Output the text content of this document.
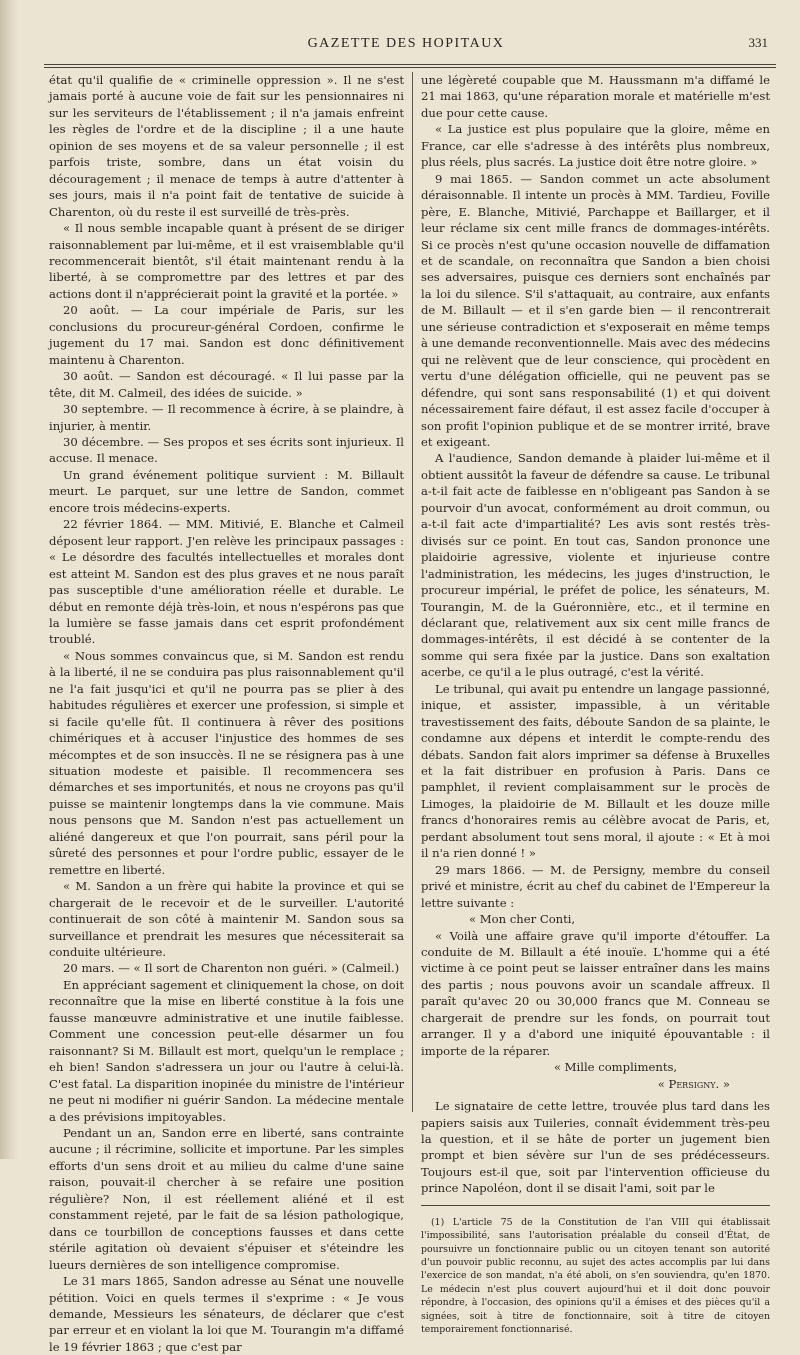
GAZETTE DES HOPITAUX	331

état qu'il qualifie de « criminelle oppression ». Il ne s'est jamais porté à aucune voie de fait sur les pensionnaires ni sur les serviteurs de l'établissement ; il n'a jamais enfreint les règles de l'ordre et de la discipline ; il a une haute opinion de ses moyens et de sa valeur personnelle ; il est parfois triste, sombre, dans un état voisin du découragement ; il menace de temps à autre d'attenter à ses jours, mais il n'a point fait de tentative de suicide à Charenton, où du reste il est surveillé de très-près.

« Il nous semble incapable quant à présent de se diriger raisonnablement par lui-même, et il est vraisemblable qu'il recommencerait bientôt, s'il était maintenant rendu à la liberté, à se compromettre par des lettres et par des actions dont il n'apprécierait point la gravité et la portée. »

20 août. — La cour impériale de Paris, sur les conclusions du procureur-général Cordoen, confirme le jugement du 17 mai. Sandon est donc définitivement maintenu à Charenton.

30 août. — Sandon est découragé. « Il lui passe par la tête, dit M. Calmeil, des idées de suicide. »

30 septembre. — Il recommence à écrire, à se plaindre, à injurier, à mentir.

30 décembre. — Ses propos et ses écrits sont injurieux. Il accuse. Il menace.

Un grand événement politique survient : M. Billault meurt. Le parquet, sur une lettre de Sandon, commet encore trois médecins-experts.

22 février 1864. — MM. Mitivié, E. Blanche et Calmeil déposent leur rapport. J'en relève les principaux passages : « Le désordre des facultés intellectuelles et morales dont est atteint M. Sandon est des plus graves et ne nous paraît pas susceptible d'une amélioration réelle et durable. Le début en remonte déjà très-loin, et nous n'espérons pas que la lumière se fasse jamais dans cet esprit profondément troublé.

« Nous sommes convaincus que, si M. Sandon est rendu à la liberté, il ne se conduira pas plus raisonnablement qu'il ne l'a fait jusqu'ici et qu'il ne pourra pas se plier à des habitudes régulières et exercer une profession, si simple et si facile qu'elle fût. Il continuera à rêver des positions chimériques et à accuser l'injustice des hommes de ses mécomptes et de son insuccès. Il ne se résignera pas à une situation modeste et paisible. Il recommencera ses démarches et ses importunités, et nous ne croyons pas qu'il puisse se maintenir longtemps dans la vie commune. Mais nous pensons que M. Sandon n'est pas actuellement un aliéné dangereux et que l'on pourrait, sans péril pour la sûreté des personnes et pour l'ordre public, essayer de le remettre en liberté.

« M. Sandon a un frère qui habite la province et qui se chargerait de le recevoir et de le surveiller. L'autorité continuerait de son côté à maintenir M. Sandon sous sa surveillance et prendrait les mesures que nécessiterait sa conduite ultérieure.

20 mars. — « Il sort de Charenton non guéri. » (Calmeil.)

En appréciant sagement et cliniquement la chose, on doit reconnaître que la mise en liberté constitue à la fois une fausse manœuvre administrative et une inutile faiblesse. Comment une concession peut-elle désarmer un fou raisonnant? Si M. Billault est mort, quelqu'un le remplace ; eh bien! Sandon s'adressera un jour ou l'autre à celui-là. C'est fatal. La disparition inopinée du ministre de l'intérieur ne peut ni modifier ni guérir Sandon. La médecine mentale a des prévisions impitoyables.

Pendant un an, Sandon erre en liberté, sans contrainte aucune ; il récrimine, sollicite et importune. Par les simples efforts d'un sens droit et au milieu du calme d'une saine raison, pouvait-il chercher à se refaire une position régulière? Non, il est réellement aliéné et il est constamment rejeté, par le fait de sa lésion pathologique, dans ce tourbillon de conceptions fausses et dans cette stérile agitation où devaient s'épuiser et s'éteindre les lueurs dernières de son intelligence compromise.

Le 31 mars 1865, Sandon adresse au Sénat une nouvelle pétition. Voici en quels termes il s'exprime : « Je vous demande, Messieurs les sénateurs, de déclarer que c'est par erreur et en violant la loi que M. Tourangin m'a diffamé le 19 février 1863 ; que c'est par

une légèreté coupable que M. Haussmann m'a diffamé le 21 mai 1863, qu'une réparation morale et matérielle m'est due pour cette cause.

« La justice est plus populaire que la gloire, même en France, car elle s'adresse à des intérêts plus nombreux, plus réels, plus sacrés. La justice doit être notre gloire. »

9 mai 1865. — Sandon commet un acte absolument déraisonnable. Il intente un procès à MM. Tardieu, Foville père, E. Blanche, Mitivié, Parchappe et Baillarger, et il leur réclame six cent mille francs de dommages-intérêts. Si ce procès n'est qu'une occasion nouvelle de diffamation et de scandale, on reconnaîtra que Sandon a bien choisi ses adversaires, puisque ces derniers sont enchaînés par la loi du silence. S'il s'attaquait, au contraire, aux enfants de M. Billault — et il s'en garde bien — il rencontrerait une sérieuse contradiction et s'exposerait en même temps à une demande reconventionnelle. Mais avec des médecins qui ne relèvent que de leur conscience, qui procèdent en vertu d'une délégation officielle, qui ne peuvent pas se défendre, qui sont sans responsabilité (1) et qui doivent nécessairement faire défaut, il est assez facile d'occuper à son profit l'opinion publique et de se montrer irrité, brave et exigeant.

A l'audience, Sandon demande à plaider lui-même et il obtient aussitôt la faveur de défendre sa cause. Le tribunal a-t-il fait acte de faiblesse en n'obligeant pas Sandon à se pourvoir d'un avocat, conformément au droit commun, ou a-t-il fait acte d'impartialité? Les avis sont restés très-divisés sur ce point. En tout cas, Sandon prononce une plaidoirie agressive, violente et injurieuse contre l'administration, les médecins, les juges d'instruction, le procureur impérial, le préfet de police, les sénateurs, M. Tourangin, M. de la Guéronnière, etc., et il termine en déclarant que, relativement aux six cent mille francs de dommages-intérêts, il est décidé à se contenter de la somme qui sera fixée par la justice. Dans son exaltation acerbe, ce qu'il a le plus outragé, c'est la vérité.

Le tribunal, qui avait pu entendre un langage passionné, inique, et assister, impassible, à un véritable travestissement des faits, déboute Sandon de sa plainte, le condamne aux dépens et interdit le compte-rendu des débats. Sandon fait alors imprimer sa défense à Bruxelles et la fait distribuer en profusion à Paris. Dans ce pamphlet, il revient complaisamment sur le procès de Limoges, la plaidoirie de M. Billault et les douze mille francs d'honoraires remis au célèbre avocat de Paris, et, perdant absolument tout sens moral, il ajoute : « Et à moi il n'a rien donné ! »

29 mars 1866. — M. de Persigny, membre du conseil privé et ministre, écrit au chef du cabinet de l'Empereur la lettre suivante :

« Mon cher Conti,

« Voilà une affaire grave qu'il importe d'étouffer. La conduite de M. Billault a été inouïe. L'homme qui a été victime à ce point peut se laisser entraîner dans les mains des partis ; nous pouvons avoir un scandale affreux. Il paraît qu'avec 20 ou 30,000 francs que M. Conneau se chargerait de prendre sur les fonds, on pourrait tout arranger. Il y a d'abord une iniquité épouvantable : il importe de la réparer.

« Mille compliments,

« Persigny. »

Le signataire de cette lettre, trouvée plus tard dans les papiers saisis aux Tuileries, connaît évidemment très-peu la question, et il se hâte de porter un jugement bien prompt et bien sévère sur l'un de ses prédécesseurs. Toujours est-il que, soit par l'intervention officieuse du prince Napoléon, dont il se disait l'ami, soit par le

(1) L'article 75 de la Constitution de l'an VIII qui établissait l'impossibilité, sans l'autorisation préalable du conseil d'État, de poursuivre un fonctionnaire public ou un citoyen tenant son autorité d'un pouvoir public reconnu, au sujet des actes accomplis par lui dans l'exercice de son mandat, n'a été aboli, on s'en souviendra, qu'en 1870. Le médecin n'est plus couvert aujourd'hui et il doit donc pouvoir répondre, à l'occasion, des opinions qu'il a émises et des pièces qu'il a signées, soit à titre de fonctionnaire, soit à titre de citoyen temporairement fonctionnarisé.
